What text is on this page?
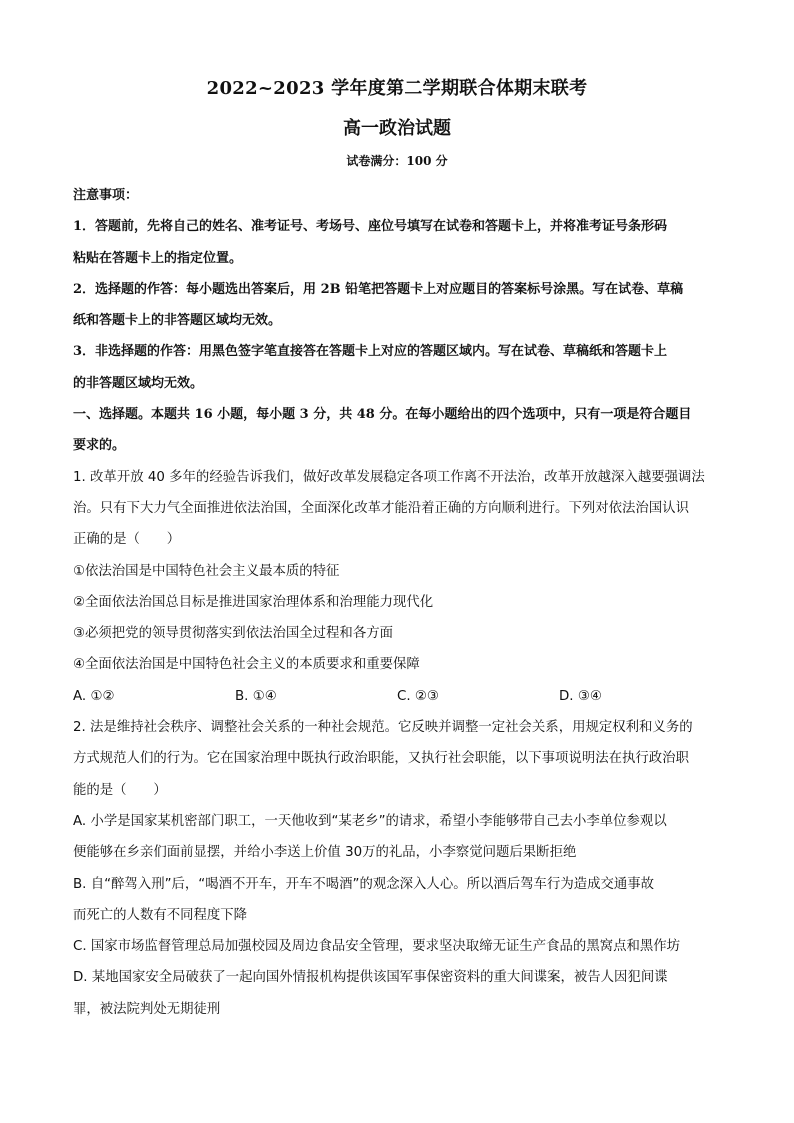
2022~2023 学年度第二学期联合体期末联考
高一政治试题
试卷满分：100 分
注意事项：
1．答题前，先将自己的姓名、准考证号、考场号、座位号填写在试卷和答题卡上，并将准考证号条形码
粘贴在答题卡上的指定位置。
2．选择题的作答：每小题选出答案后，用 2B 铅笔把答题卡上对应题目的答案标号涂黑。写在试卷、草稿
纸和答题卡上的非答题区域均无效。
3．非选择题的作答：用黑色签字笔直接答在答题卡上对应的答题区域内。写在试卷、草稿纸和答题卡上
的非答题区域均无效。
一、选择题。本题共 16 小题，每小题 3 分，共 48 分。在每小题给出的四个选项中，只有一项是符合题目
要求的。
1. 改革开放 40 多年的经验告诉我们，做好改革发展稳定各项工作离不开法治，改革开放越深入越要强调法
治。只有下大力气全面推进依法治国，全面深化改革才能沿着正确的方向顺利进行。下列对依法治国认识
正确的是（　　）
①依法治国是中国特色社会主义最本质的特征
②全面依法治国总目标是推进国家治理体系和治理能力现代化
③必须把党的领导贯彻落实到依法治国全过程和各方面
④全面依法治国是中国特色社会主义的本质要求和重要保障
A. ①②	B. ①④	C. ②③	D. ③④
2. 法是维持社会秩序、调整社会关系的一种社会规范。它反映并调整一定社会关系，用规定权利和义务的
方式规范人们的行为。它在国家治理中既执行政治职能，又执行社会职能，以下事项说明法在执行政治职
能的是（　　）
A. 小学是国家某机密部门职工，一天他收到“某老乡”的请求，希望小李能够带自己去小李单位参观以
便能够在乡亲们面前显摆，并给小李送上价值 30万的礼品，小李察觉问题后果断拒绝
B. 自“醉驾入刑”后，“喝酒不开车，开车不喝酒”的观念深入人心。所以酒后驾车行为造成交通事故
而死亡的人数有不同程度下降
C. 国家市场监督管理总局加强校园及周边食品安全管理，要求坚决取缔无证生产食品的黑窝点和黑作坊
D. 某地国家安全局破获了一起向国外情报机构提供该国军事保密资料的重大间谍案，被告人因犯间谍
罪，被法院判处无期徒刑
